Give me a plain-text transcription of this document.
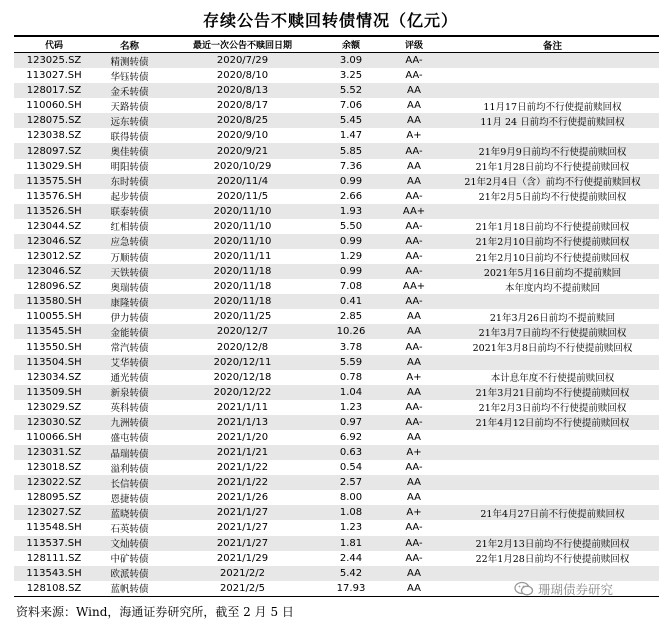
存续公告不赎回转债情况（亿元）
代码	名称	最近一次公告不赎回日期	余额	评级	备注
123025.SZ	精测转债	2020/7/29	3.09	AA-
113027.SH	华钰转债	2020/8/10	3.25	AA-
128017.SZ	金禾转债	2020/8/13	5.52	AA
110060.SH	天路转债	2020/8/17	7.06	AA	11月17日前均不行使提前赎回权
128075.SZ	远东转债	2020/8/25	5.45	AA	11月 24 日前均不行使提前赎回权
123038.SZ	联得转债	2020/9/10	1.47	A+
128097.SZ	奥佳转债	2020/9/21	5.85	AA-	21年9月9日前均不行使提前赎回权
113029.SH	明阳转债	2020/10/29	7.36	AA	21年1月28日前均不行使提前赎回权
113575.SH	东时转债	2020/11/4	0.99	AA	21年2月4日（含）前均不行使提前赎回权
113576.SH	起步转债	2020/11/5	2.66	AA-	21年2月5日前均不行使提前赎回权
113526.SH	联泰转债	2020/11/10	1.93	AA+
123044.SZ	红相转债	2020/11/10	5.50	AA-	21年1月18日前均不行使提前赎回权
123046.SZ	应急转债	2020/11/10	0.99	AA-	21年2月10日前均不行使提前赎回权
123012.SZ	万顺转债	2020/11/11	1.29	AA-	21年2月10日前均不行使提前赎回权
123046.SZ	天铁转债	2020/11/18	0.99	AA-	2021年5月16日前均不提前赎回
128096.SZ	奥瑞转债	2020/11/18	7.08	AA+	本年度内均不提前赎回
113580.SH	康隆转债	2020/11/18	0.41	AA-
110055.SH	伊力转债	2020/11/25	2.85	AA	21年3月26日前均不提前赎回
113545.SH	金能转债	2020/12/7	10.26	AA	21年3月7日前均不行使提前赎回权
113550.SH	常汽转债	2020/12/8	3.78	AA-	2021年3月8日前均不行使提前赎回权
113504.SH	艾华转债	2020/12/11	5.59	AA
123034.SZ	通光转债	2020/12/18	0.78	A+	本计息年度不行使提前赎回权
113509.SH	新泉转债	2020/12/22	1.04	AA	21年3月21日前均不行使提前赎回权
123029.SZ	英科转债	2021/1/11	1.23	AA-	21年2月3日前均不行使提前赎回权
123030.SZ	九洲转债	2021/1/13	0.97	AA-	21年4月12日前均不行使提前赎回权
110066.SH	盛屯转债	2021/1/20	6.92	AA
123031.SZ	晶瑞转债	2021/1/21	0.63	A+
123018.SZ	溢利转债	2021/1/22	0.54	AA-
123022.SZ	长信转债	2021/1/22	2.57	AA
128095.SZ	恩捷转债	2021/1/26	8.00	AA
123027.SZ	蓝晓转债	2021/1/27	1.08	A+	21年4月27日前不行使提前赎回权
113548.SH	石英转债	2021/1/27	1.23	AA-
113537.SH	文灿转债	2021/1/27	1.81	AA-	21年2月13日前均不行使提前赎回权
128111.SZ	中矿转债	2021/1/29	2.44	AA-	22年1月28日前均不行使提前赎回权
113543.SH	欧派转债	2021/2/2	5.42	AA
128108.SZ	蓝帆转债	2021/2/5	17.93	AA	珊瑚债券研究
资料来源：Wind，海通证券研究所，截至 2 月 5 日
